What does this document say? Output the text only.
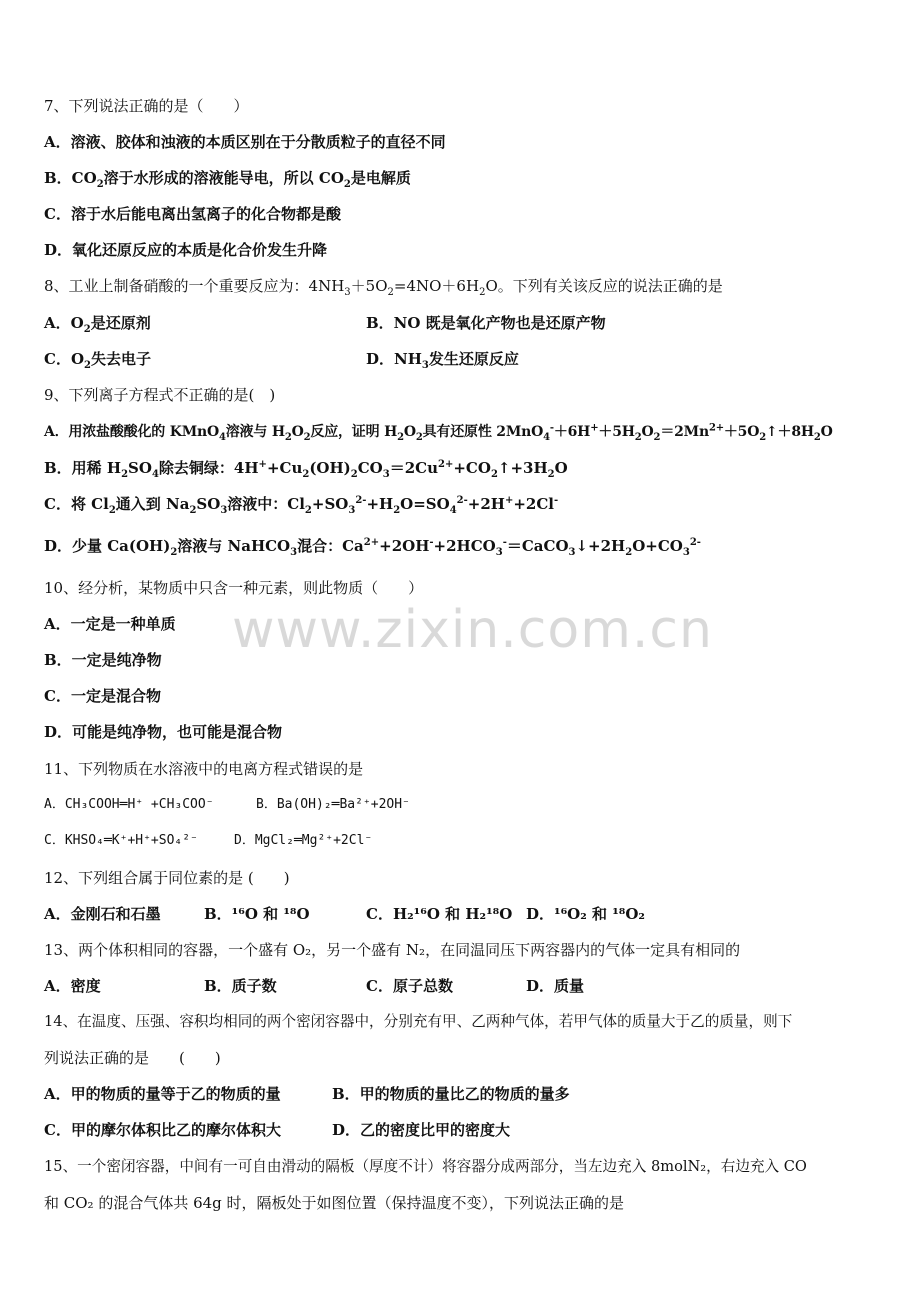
www.zixin.com.cn
7、下列说法正确的是（　　）
A．溶液、胶体和浊液的本质区别在于分散质粒子的直径不同
B．$CO_2$溶于水形成的溶液能导电，所以 $CO_2$是电解质
C．溶于水后能电离出氢离子的化合物都是酸
D．氧化还原反应的本质是化合价发生升降
8、工业上制备硝酸的一个重要反应为：$4NH_3+5O_2=4NO+6H_2O$。下列有关该反应的说法正确的是
A．$O_2$是还原剂	B．NO 既是氧化产物也是还原产物
C．$O_2$失去电子	D．$NH_3$发生还原反应
9、下列离子方程式不正确的是(　)
A．用浓盐酸酸化的 KMnO$_4$溶液与 $H_2O_2$反应，证明 $H_2O_2$具有还原性 $2MnO_4^-+6H^++5H_2O_2=2Mn^{2+}+5O_2↑+8H_2O$
B．用稀 $H_2SO_4$除去铜绿：$4H^++Cu_2(OH)_2CO_3=2Cu^{2+}+CO_2↑+3H_2O$
C．将 $Cl_2$通入到 $Na_2SO_3$溶液中：$Cl_2+SO_3^{2-}+H_2O=SO_4^{2-}+2H^++2Cl^-$
D．少量 $Ca(OH)_2$溶液与 NaHCO$_3$混合：$Ca^{2+}+2OH^-+2HCO_3^-=CaCO_3↓+2H_2O+CO_3^{2-}$
10、经分析，某物质中只含一种元素，则此物质（　　）
A．一定是一种单质
B．一定是纯净物
C．一定是混合物
D．可能是纯净物，也可能是混合物
11、下列物质在水溶液中的电离方程式错误的是
A．CH₃COOH═H⁺ +CH₃COO⁻	B．Ba(OH)₂═Ba²⁺+2OH⁻
C．KHSO₄═K⁺+H⁺+SO₄²⁻	D．MgCl₂═Mg²⁺+2Cl⁻
12、下列组合属于同位素的是 (　　)
A．金刚石和石墨	B．¹⁶O 和 ¹⁸O	C．H₂¹⁶O 和 H₂¹⁸O D．¹⁶O₂ 和 ¹⁸O₂
13、两个体积相同的容器，一个盛有 O₂，另一个盛有 N₂，在同温同压下两容器内的气体一定具有相同的
A．密度	B．质子数	C．原子总数	D．质量
14、在温度、压强、容积均相同的两个密闭容器中，分别充有甲、乙两种气体，若甲气体的质量大于乙的质量，则下
列说法正确的是　　(　　)
A．甲的物质的量等于乙的物质的量	B．甲的物质的量比乙的物质的量多
C．甲的摩尔体积比乙的摩尔体积大	D．乙的密度比甲的密度大
15、一个密闭容器，中间有一可自由滑动的隔板（厚度不计）将容器分成两部分，当左边充入 8molN₂，右边充入 CO
和 CO₂ 的混合气体共 64g 时，隔板处于如图位置（保持温度不变），下列说法正确的是
